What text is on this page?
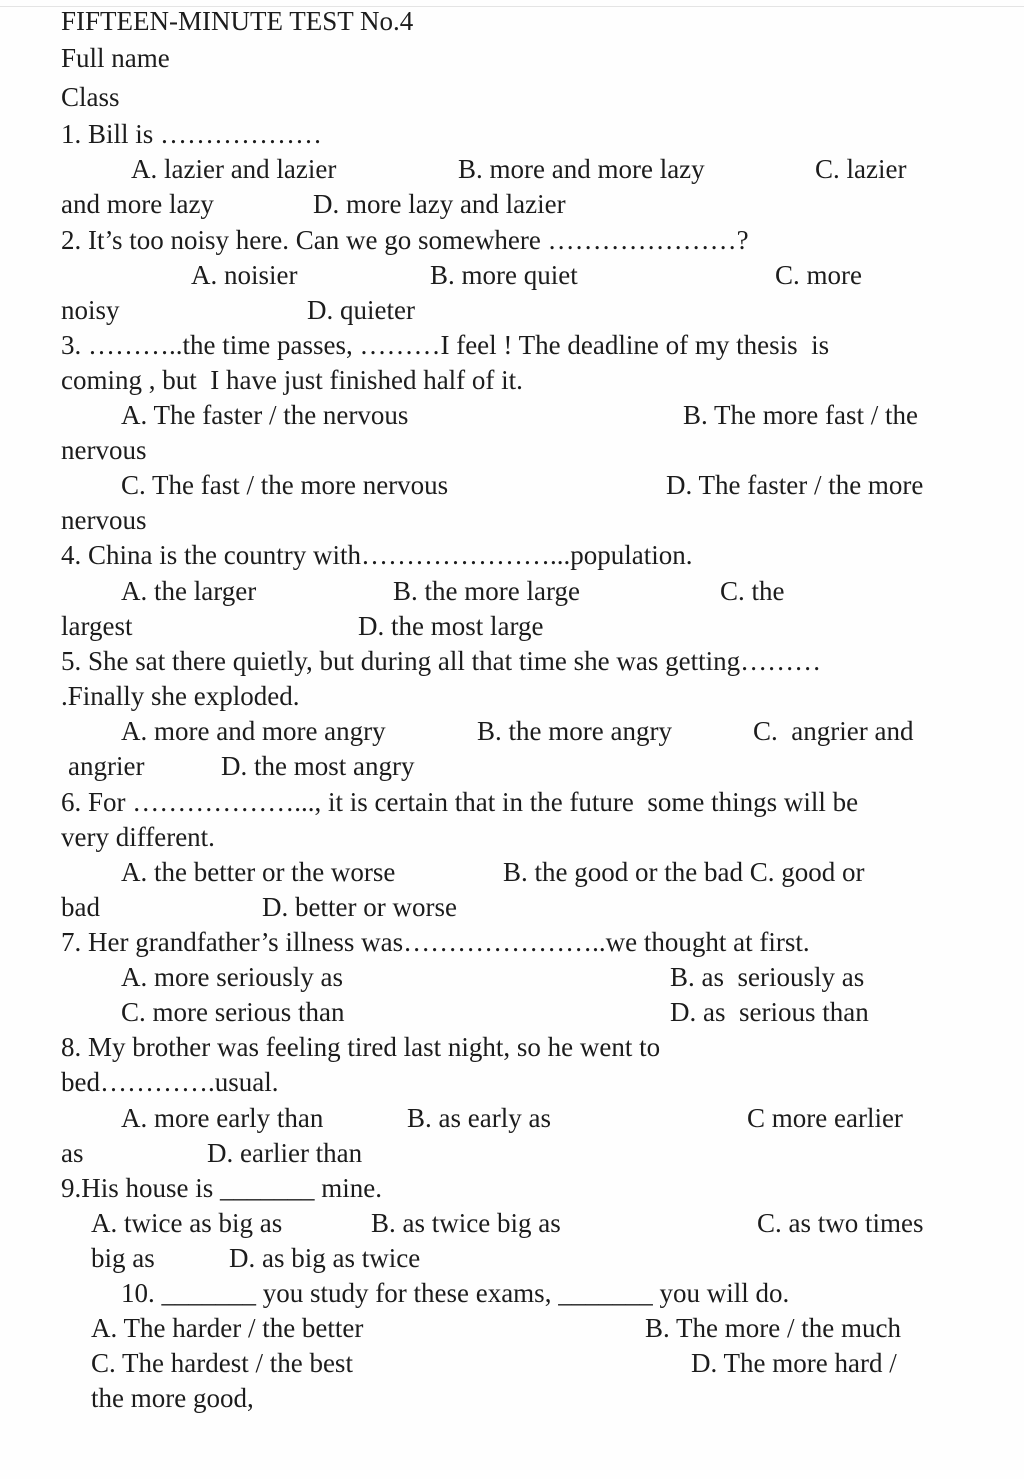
FIFTEEN-MINUTE TEST No.4
Full name
Class
1. Bill is ………………
A. lazier and lazier	B. more and more lazy	C. lazier
and more lazy	D. more lazy and lazier
2. It’s too noisy here. Can we go somewhere …………………?
A. noisier	B. more quiet	C. more
noisy	D. quieter
3. ………..the time passes, ………I feel ! The deadline of my thesis  is
coming , but  I have just finished half of it.
A. The faster / the nervous	B. The more fast / the
nervous
C. The fast / the more nervous	D. The faster / the more
nervous
4. China is the country with…………………...population.
A. the larger	B. the more large	C. the
largest	D. the most large
5. She sat there quietly, but during all that time she was getting………
.Finally she exploded.
A. more and more angry	B. the more angry	C.  angrier and
angrier	D. the most angry
6. For ………………..., it is certain that in the future  some things will be
very different.
A. the better or the worse	B. the good or the bad C. good or
bad	D. better or worse
7. Her grandfather’s illness was…………………..we thought at first.
A. more seriously as	B. as  seriously as
C. more serious than	D. as  serious than
8. My brother was feeling tired last night, so he went to
bed………….usual.
A. more early than	B. as early as	C more earlier
as	D. earlier than
9.His house is _______ mine.
A. twice as big as	B. as twice big as	C. as two times
big as	D. as big as twice
10. _______ you study for these exams, _______ you will do.
A. The harder / the better	B. The more / the much
C. The hardest / the best	D. The more hard /
the more good,
